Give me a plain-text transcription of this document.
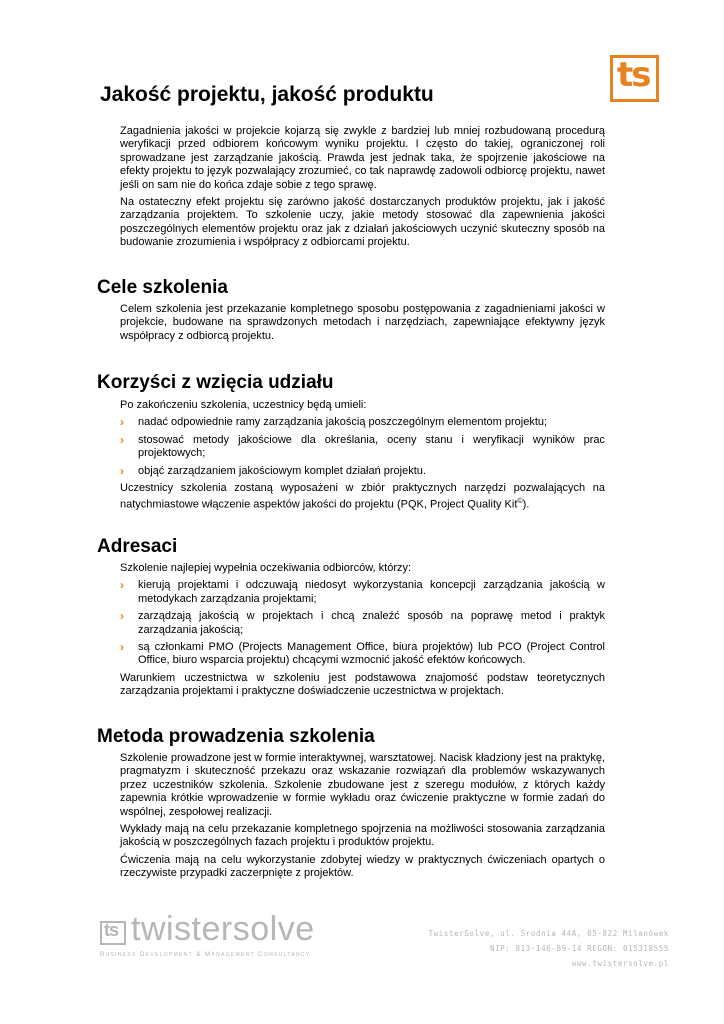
ts
Jakość projektu, jakość produktu

Zagadnienia jakości w projekcie kojarzą się zwykle z bardziej lub mniej rozbudowaną procedurą weryfikacji przed odbiorem końcowym wyniku projektu. I często do takiej, ograniczonej roli sprowadzane jest zarządzanie jakością. Prawda jest jednak taka, że spojrzenie jakościowe na efekty projektu to język pozwalający zrozumieć, co tak naprawdę zadowoli odbiorcę projektu, nawet jeśli on sam nie do końca zdaje sobie z tego sprawę.

Na ostateczny efekt projektu się zarówno jakość dostarczanych produktów projektu, jak i jakość zarządzania projektem. To szkolenie uczy, jakie metody stosować dla zapewnienia jakości poszczególnych elementów projektu oraz jak z działań jakościowych uczynić skuteczny sposób na budowanie zrozumienia i współpracy z odbiorcami projektu.

Cele szkolenia

Celem szkolenia jest przekazanie kompletnego sposobu postępowania z zagadnieniami jakości w projekcie, budowane na sprawdzonych metodach i narzędziach, zapewniające efektywny język współpracy z odbiorcą projektu.

Korzyści z wzięcia udziału

Po zakończeniu szkolenia, uczestnicy będą umieli:

› nadać odpowiednie ramy zarządzania jakością poszczególnym elementom projektu;
› stosować metody jakościowe dla określania, oceny stanu i weryfikacji wyników prac projektowych;
› objąć zarządzaniem jakościowym komplet działań projektu.

Uczestnicy szkolenia zostaną wyposażeni w zbiór praktycznych narzędzi pozwalających na natychmiastowe włączenie aspektów jakości do projektu (PQK, Project Quality Kit©).

Adresaci

Szkolenie najlepiej wypełnia oczekiwania odbiorców, którzy:

› kierują projektami i odczuwają niedosyt wykorzystania koncepcji zarządzania jakością w metodykach zarządzania projektami;
› zarządzają jakością w projektach i chcą znaleźć sposób na poprawę metod i praktyk zarządzania jakością;
› są członkami PMO (Projects Management Office, biura projektów) lub PCO (Project Control Office, biuro wsparcia projektu) chcącymi wzmocnić jakość efektów końcowych.

Warunkiem uczestnictwa w szkoleniu jest podstawowa znajomość podstaw teoretycznych zarządzania projektami i praktyczne doświadczenie uczestnictwa w projektach.

Metoda prowadzenia szkolenia

Szkolenie prowadzone jest w formie interaktywnej, warsztatowej. Nacisk kładziony jest na praktykę, pragmatyzm i skuteczność przekazu oraz wskazanie rozwiązań dla problemów wskazywanych przez uczestników szkolenia. Szkolenie zbudowane jest z szeregu modułów, z których każdy zapewnia krótkie wprowadzenie w formie wykładu oraz ćwiczenie praktyczne w formie zadań do wspólnej, zespołowej realizacji.

Wykłady mają na celu przekazanie kompletnego spojrzenia na możliwości stosowania zarządzania jakością w poszczególnych fazach projektu i produktów projektu.

Ćwiczenia mają na celu wykorzystanie zdobytej wiedzy w praktycznych ćwiczeniach opartych o rzeczywiste przypadki zaczerpnięte z projektów.

ts twistersolve
Business Development & Management Consultancy
TwisterSolve, ul. Środnia 44A, 05-822 Milanówek
NIP: 813-146-89-14 REGON: 015318555
www.twistersolve.pl
